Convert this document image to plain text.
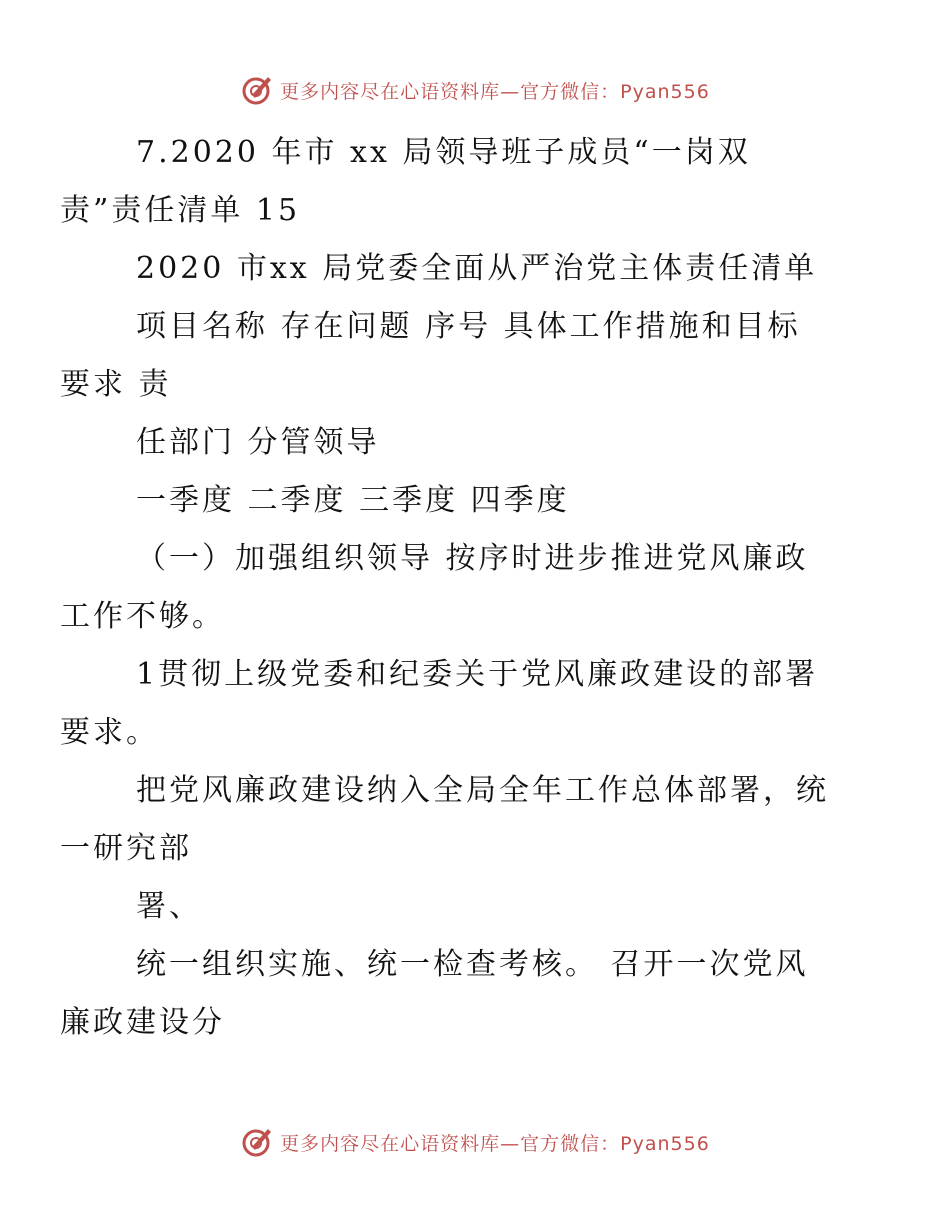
更多内容尽在心语资料库—官方微信：Pyan556

7.2020 年市 xx 局领导班子成员“一岗双
责”责任清单 15

2020 市xx 局党委全面从严治党主体责任清单

项目名称 存在问题 序号 具体工作措施和目标
要求 责

任部门 分管领导

一季度 二季度 三季度 四季度

（一）加强组织领导 按序时进步推进党风廉政
工作不够。

1贯彻上级党委和纪委关于党风廉政建设的部署
要求。

把党风廉政建设纳入全局全年工作总体部署，统
一研究部

署、

统一组织实施、统一检查考核。 召开一次党风
廉政建设分

更多内容尽在心语资料库—官方微信：Pyan556
